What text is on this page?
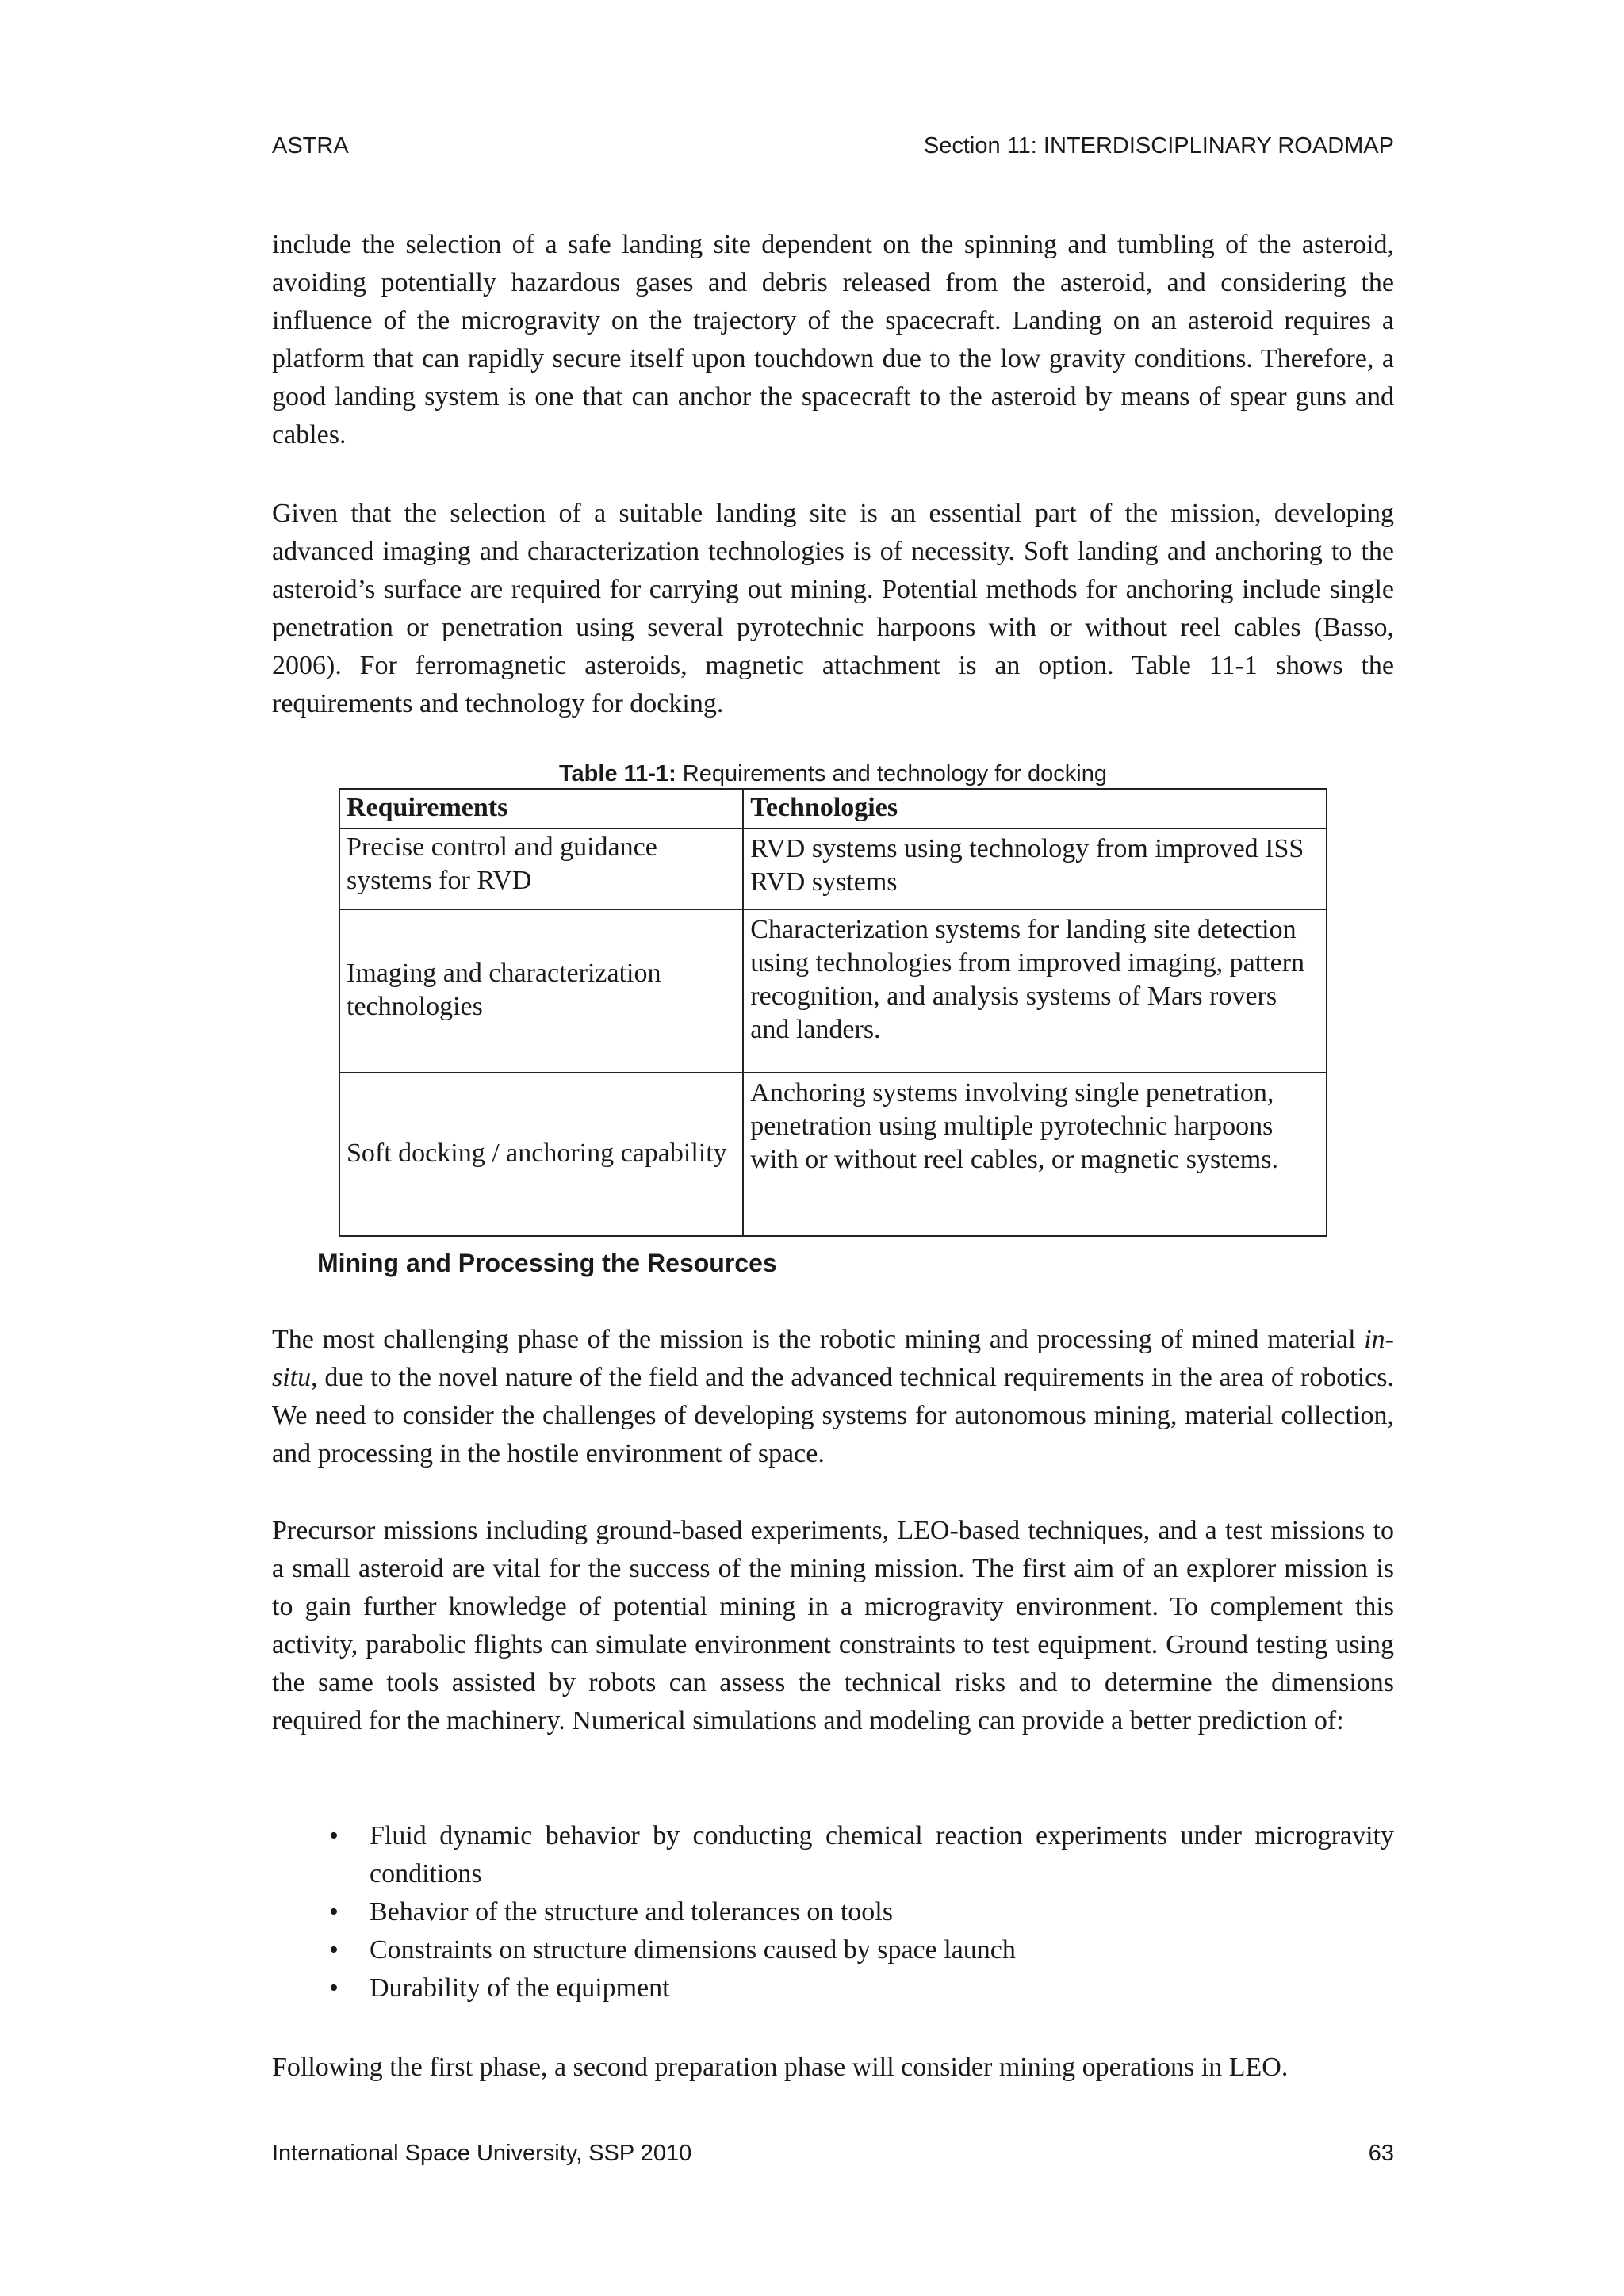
ASTRA	Section 11: INTERDISCIPLINARY ROADMAP

include the selection of a safe landing site dependent on the spinning and tumbling of the asteroid, avoiding potentially hazardous gases and debris released from the asteroid, and considering the influence of the microgravity on the trajectory of the spacecraft. Landing on an asteroid requires a platform that can rapidly secure itself upon touchdown due to the low gravity conditions. Therefore, a good landing system is one that can anchor the spacecraft to the asteroid by means of spear guns and cables.

Given that the selection of a suitable landing site is an essential part of the mission, developing advanced imaging and characterization technologies is of necessity. Soft landing and anchoring to the asteroid’s surface are required for carrying out mining. Potential methods for anchoring include single penetration or penetration using several pyrotechnic harpoons with or without reel cables (Basso, 2006). For ferromagnetic asteroids, magnetic attachment is an option. Table 11-1 shows the requirements and technology for docking.

Table 11-1: Requirements and technology for docking
Requirements	Technologies
Precise control and guidance systems for RVD	RVD systems using technology from improved ISS RVD systems
Imaging and characterization technologies	Characterization systems for landing site detection using technologies from improved imaging, pattern recognition, and analysis systems of Mars rovers and landers.
Soft docking / anchoring capability	Anchoring systems involving single penetration, penetration using multiple pyrotechnic harpoons with or without reel cables, or magnetic systems.
Mining and Processing the Resources

The most challenging phase of the mission is the robotic mining and processing of mined material in-situ, due to the novel nature of the field and the advanced technical requirements in the area of robotics. We need to consider the challenges of developing systems for autonomous mining, material collection, and processing in the hostile environment of space.

Precursor missions including ground-based experiments, LEO-based techniques, and a test missions to a small asteroid are vital for the success of the mining mission. The first aim of an explorer mission is to gain further knowledge of potential mining in a microgravity environment. To complement this activity, parabolic flights can simulate environment constraints to test equipment. Ground testing using the same tools assisted by robots can assess the technical risks and to determine the dimensions required for the machinery. Numerical simulations and modeling can provide a better prediction of:

• Fluid dynamic behavior by conducting chemical reaction experiments under microgravity conditions
• Behavior of the structure and tolerances on tools
• Constraints on structure dimensions caused by space launch
• Durability of the equipment

Following the first phase, a second preparation phase will consider mining operations in LEO.

International Space University, SSP 2010	63
